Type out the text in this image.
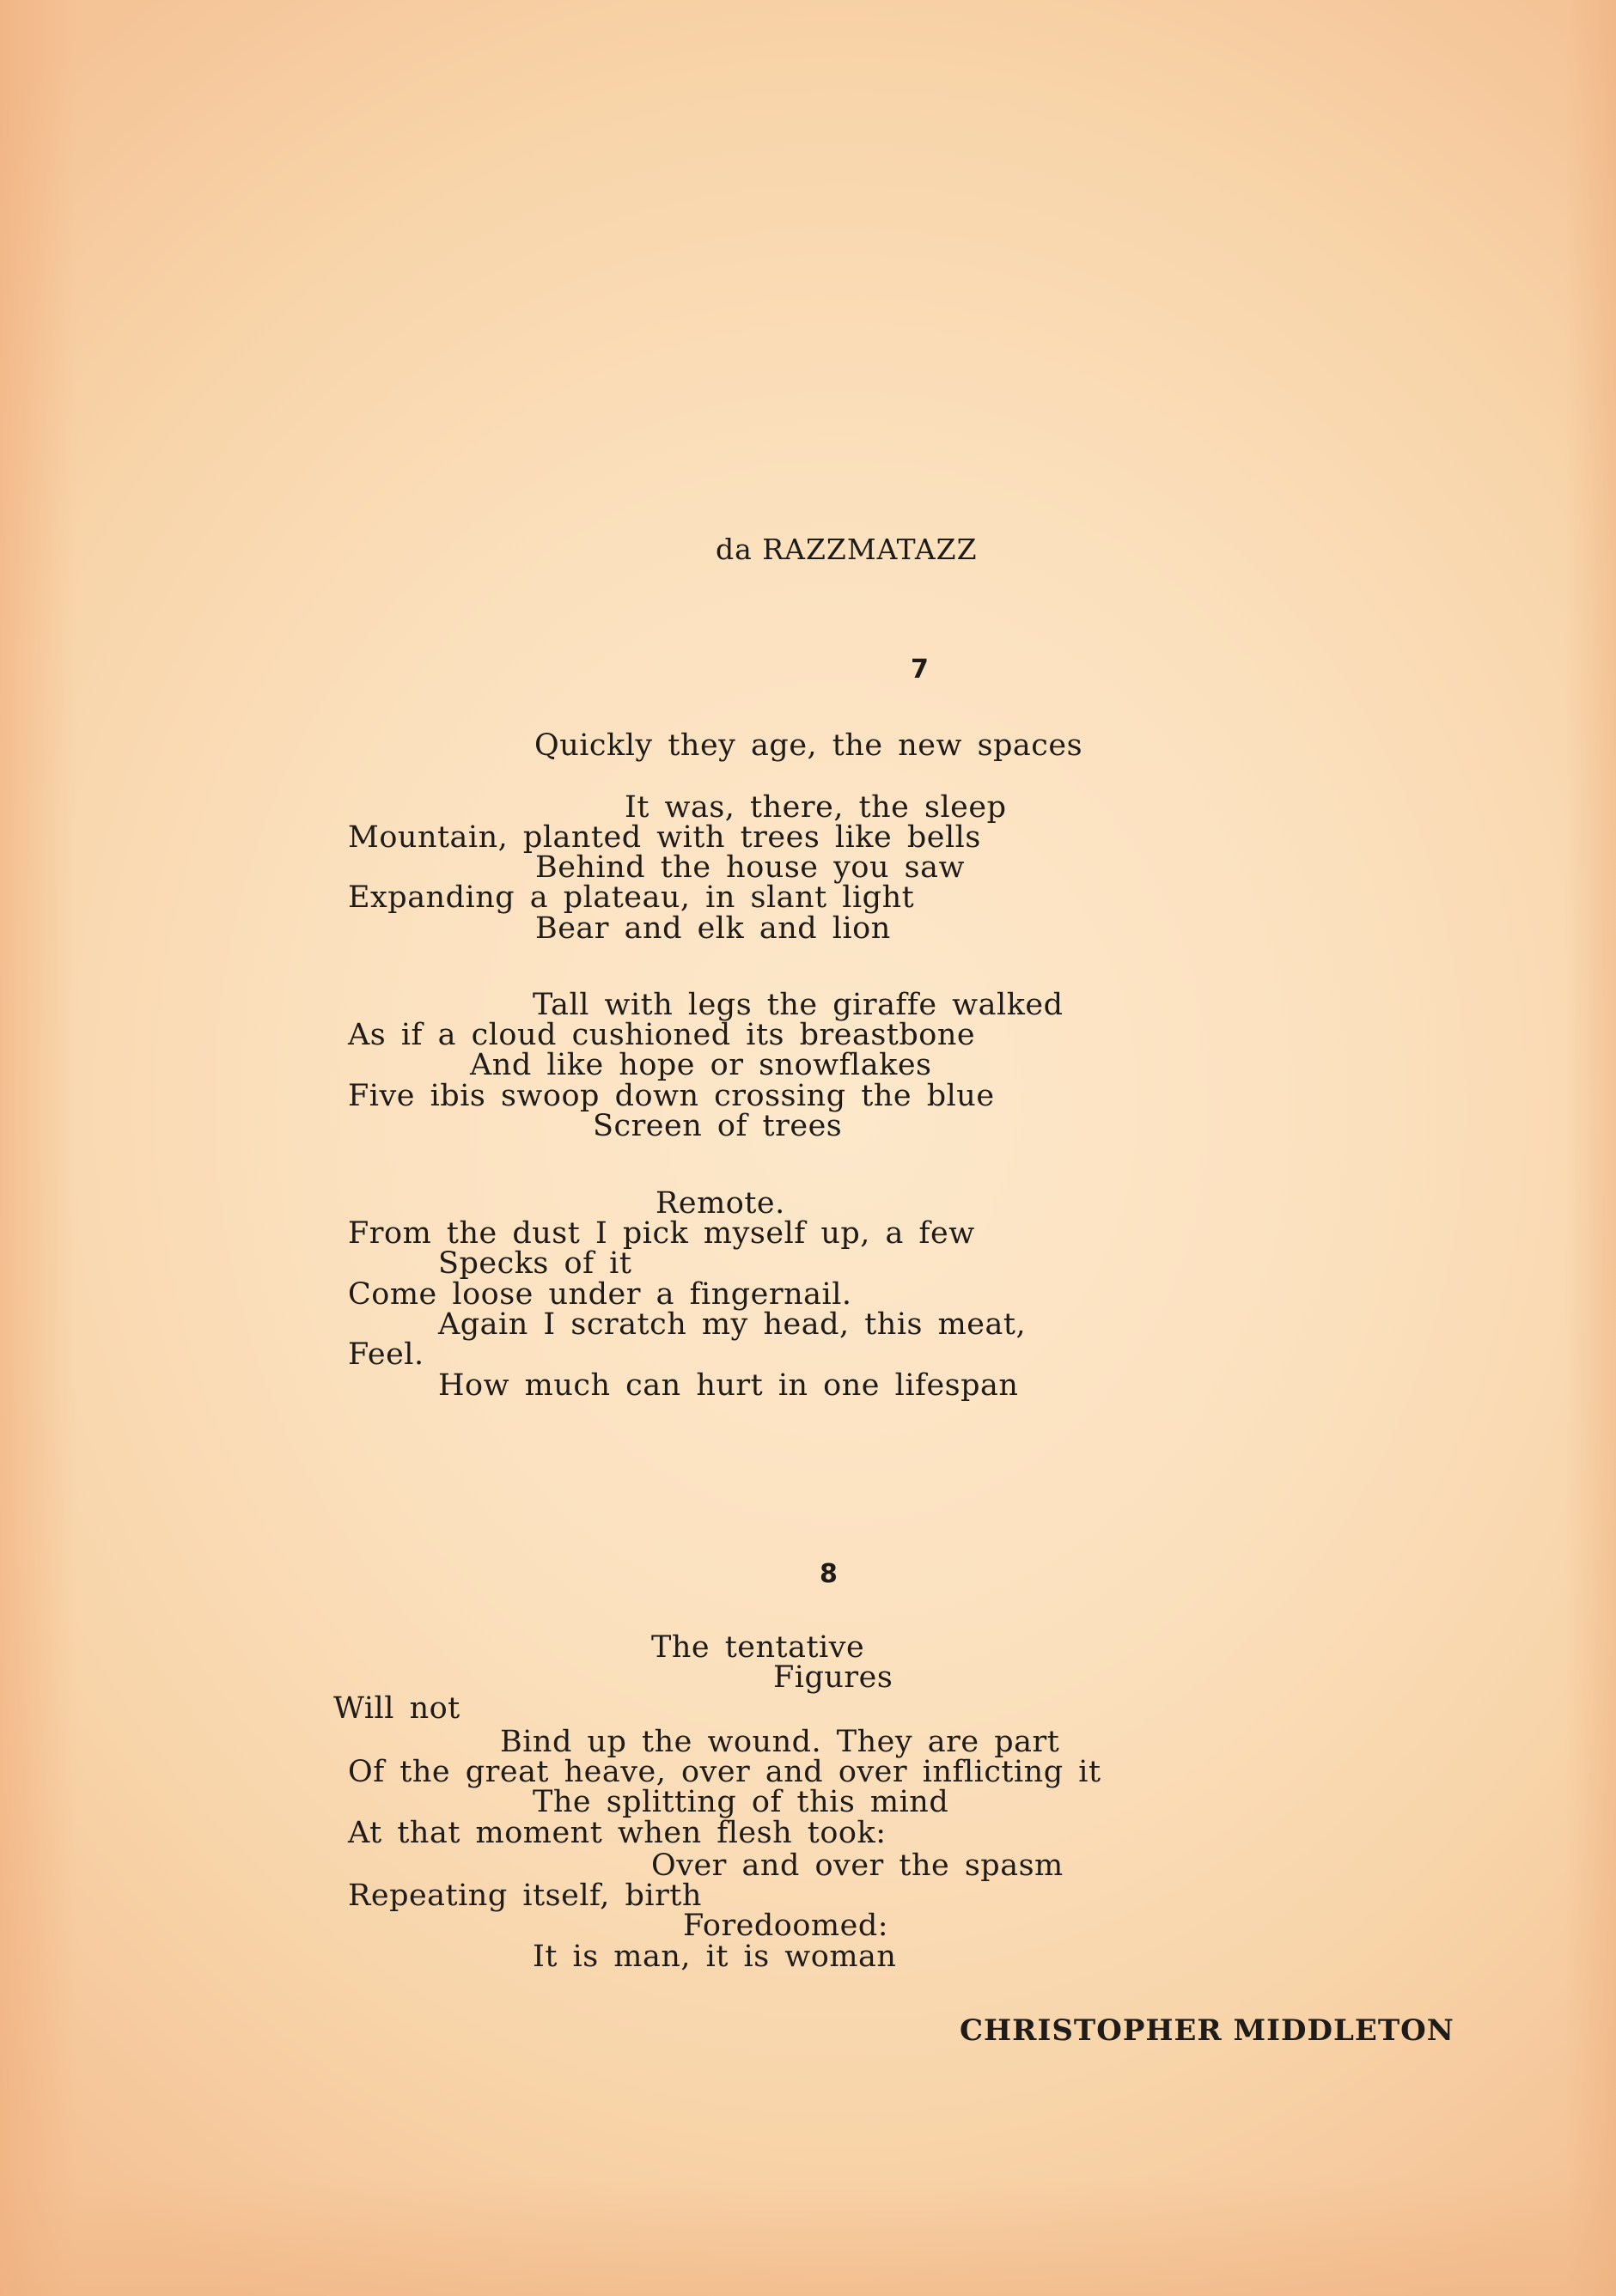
da RAZZMATAZZ
7
Quickly they age, the new spaces
It was, there, the sleep
Mountain, planted with trees like bells
Behind the house you saw
Expanding a plateau, in slant light
Bear and elk and lion
Tall with legs the giraffe walked
As if a cloud cushioned its breastbone
And like hope or snowflakes
Five ibis swoop down crossing the blue
Screen of trees
Remote.
From the dust I pick myself up, a few
Specks of it
Come loose under a fingernail.
Again I scratch my head, this meat,
Feel.
How much can hurt in one lifespan
8
The tentative
Figures
Will not
Bind up the wound. They are part
Of the great heave, over and over inflicting it
The splitting of this mind
At that moment when flesh took:
Over and over the spasm
Repeating itself, birth
Foredoomed:
It is man, it is woman
CHRISTOPHER MIDDLETON
